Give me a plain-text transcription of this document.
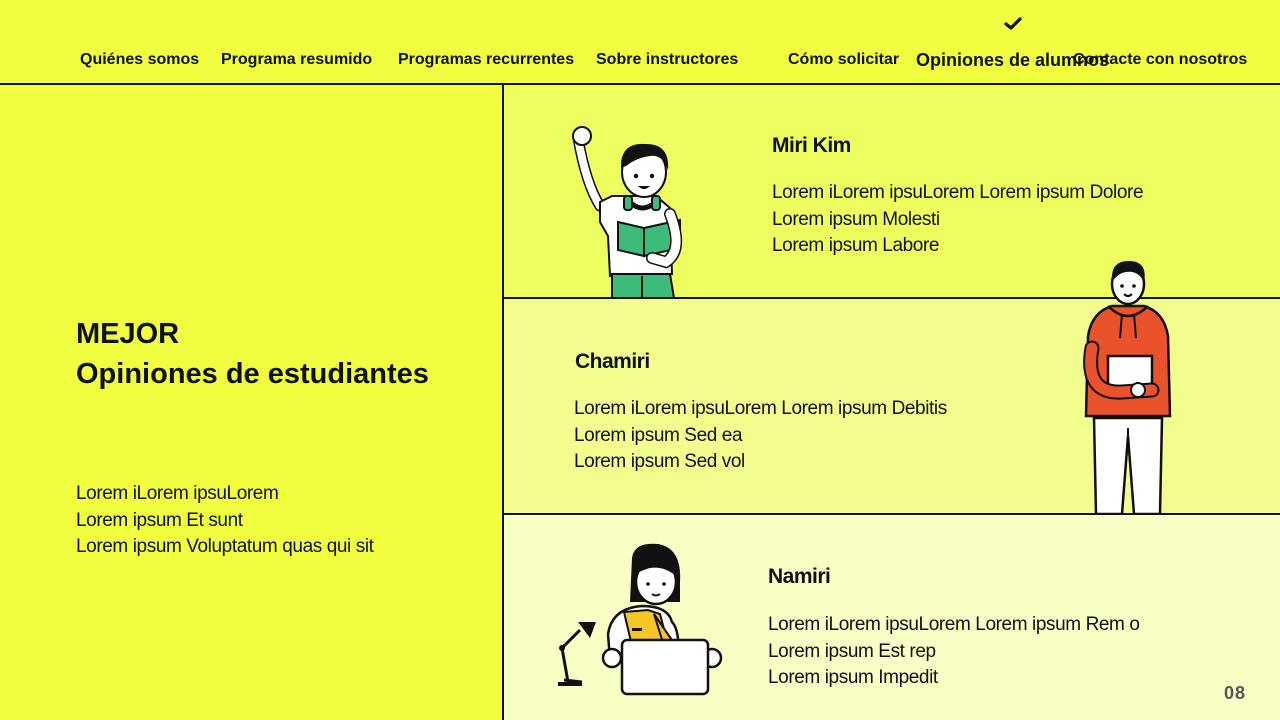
Quiénes somos Programa resumido Programas recurrentes Sobre instructores	Cómo solicitar Opiniones de alumnos
Contacte con nosotros
MEJOR
Opiniones de estudiantes
Lorem iLorem ipsuLorem
Lorem ipsum Et sunt
Lorem ipsum Voluptatum quas qui sit
Miri Kim
Lorem iLorem ipsuLorem Lorem ipsum Dolore
Lorem ipsum Molesti
Lorem ipsum Labore
Chamiri
Lorem iLorem ipsuLorem Lorem ipsum Debitis
Lorem ipsum Sed ea
Lorem ipsum Sed vol
Namiri
Lorem iLorem ipsuLorem Lorem ipsum Rem o
Lorem ipsum Est rep
Lorem ipsum Impedit
08
